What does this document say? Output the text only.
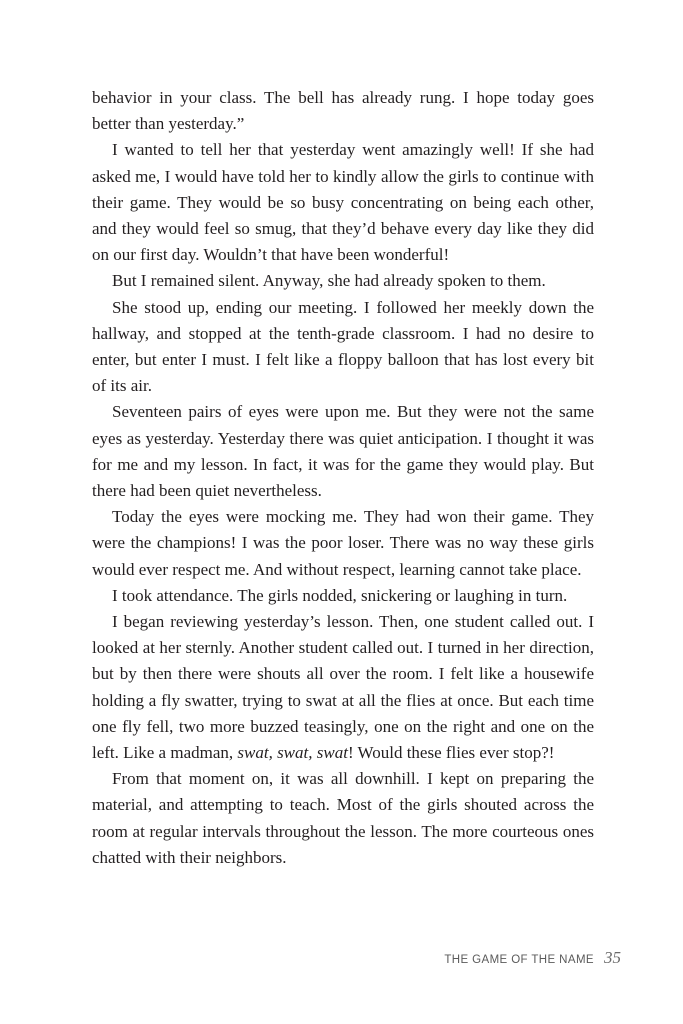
behavior in your class. The bell has already rung. I hope today goes better than yesterday.”

I wanted to tell her that yesterday went amazingly well! If she had asked me, I would have told her to kindly allow the girls to continue with their game. They would be so busy concentrating on being each other, and they would feel so smug, that they’d behave every day like they did on our first day. Wouldn’t that have been wonderful!

But I remained silent. Anyway, she had already spoken to them.

She stood up, ending our meeting. I followed her meekly down the hallway, and stopped at the tenth-grade classroom. I had no desire to enter, but enter I must. I felt like a floppy balloon that has lost every bit of its air.

Seventeen pairs of eyes were upon me. But they were not the same eyes as yesterday. Yesterday there was quiet anticipation. I thought it was for me and my lesson. In fact, it was for the game they would play. But there had been quiet nevertheless.

Today the eyes were mocking me. They had won their game. They were the champions! I was the poor loser. There was no way these girls would ever respect me. And without respect, learning cannot take place.

I took attendance. The girls nodded, snickering or laughing in turn.

I began reviewing yesterday’s lesson. Then, one student called out. I looked at her sternly. Another student called out. I turned in her direction, but by then there were shouts all over the room. I felt like a housewife holding a fly swatter, trying to swat at all the flies at once. But each time one fly fell, two more buzzed teasingly, one on the right and one on the left. Like a madman, swat, swat, swat! Would these flies ever stop?!

From that moment on, it was all downhill. I kept on preparing the material, and attempting to teach. Most of the girls shouted across the room at regular intervals throughout the lesson. The more courteous ones chatted with their neighbors.

THE GAME OF THE NAME 35
